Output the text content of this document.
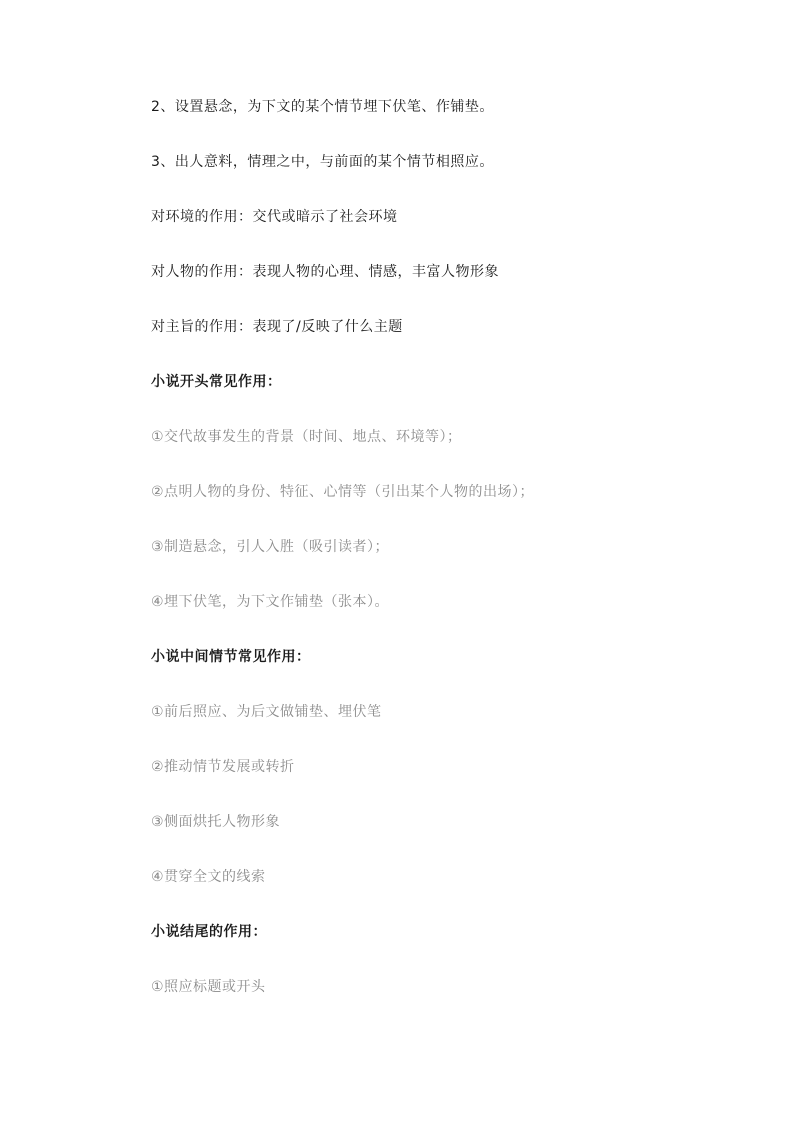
2、设置悬念，为下文的某个情节埋下伏笔、作铺垫。
3、出人意料，情理之中，与前面的某个情节相照应。
对环境的作用：交代或暗示了社会环境
对人物的作用：表现人物的心理、情感，丰富人物形象
对主旨的作用：表现了/反映了什么主题
小说开头常见作用：
①交代故事发生的背景（时间、地点、环境等）；
②点明人物的身份、特征、心情等（引出某个人物的出场）；
③制造悬念，引人入胜（吸引读者）；
④埋下伏笔，为下文作铺垫（张本）。
小说中间情节常见作用：
①前后照应、为后文做铺垫、埋伏笔
②推动情节发展或转折
③侧面烘托人物形象
④贯穿全文的线索
小说结尾的作用：
①照应标题或开头
